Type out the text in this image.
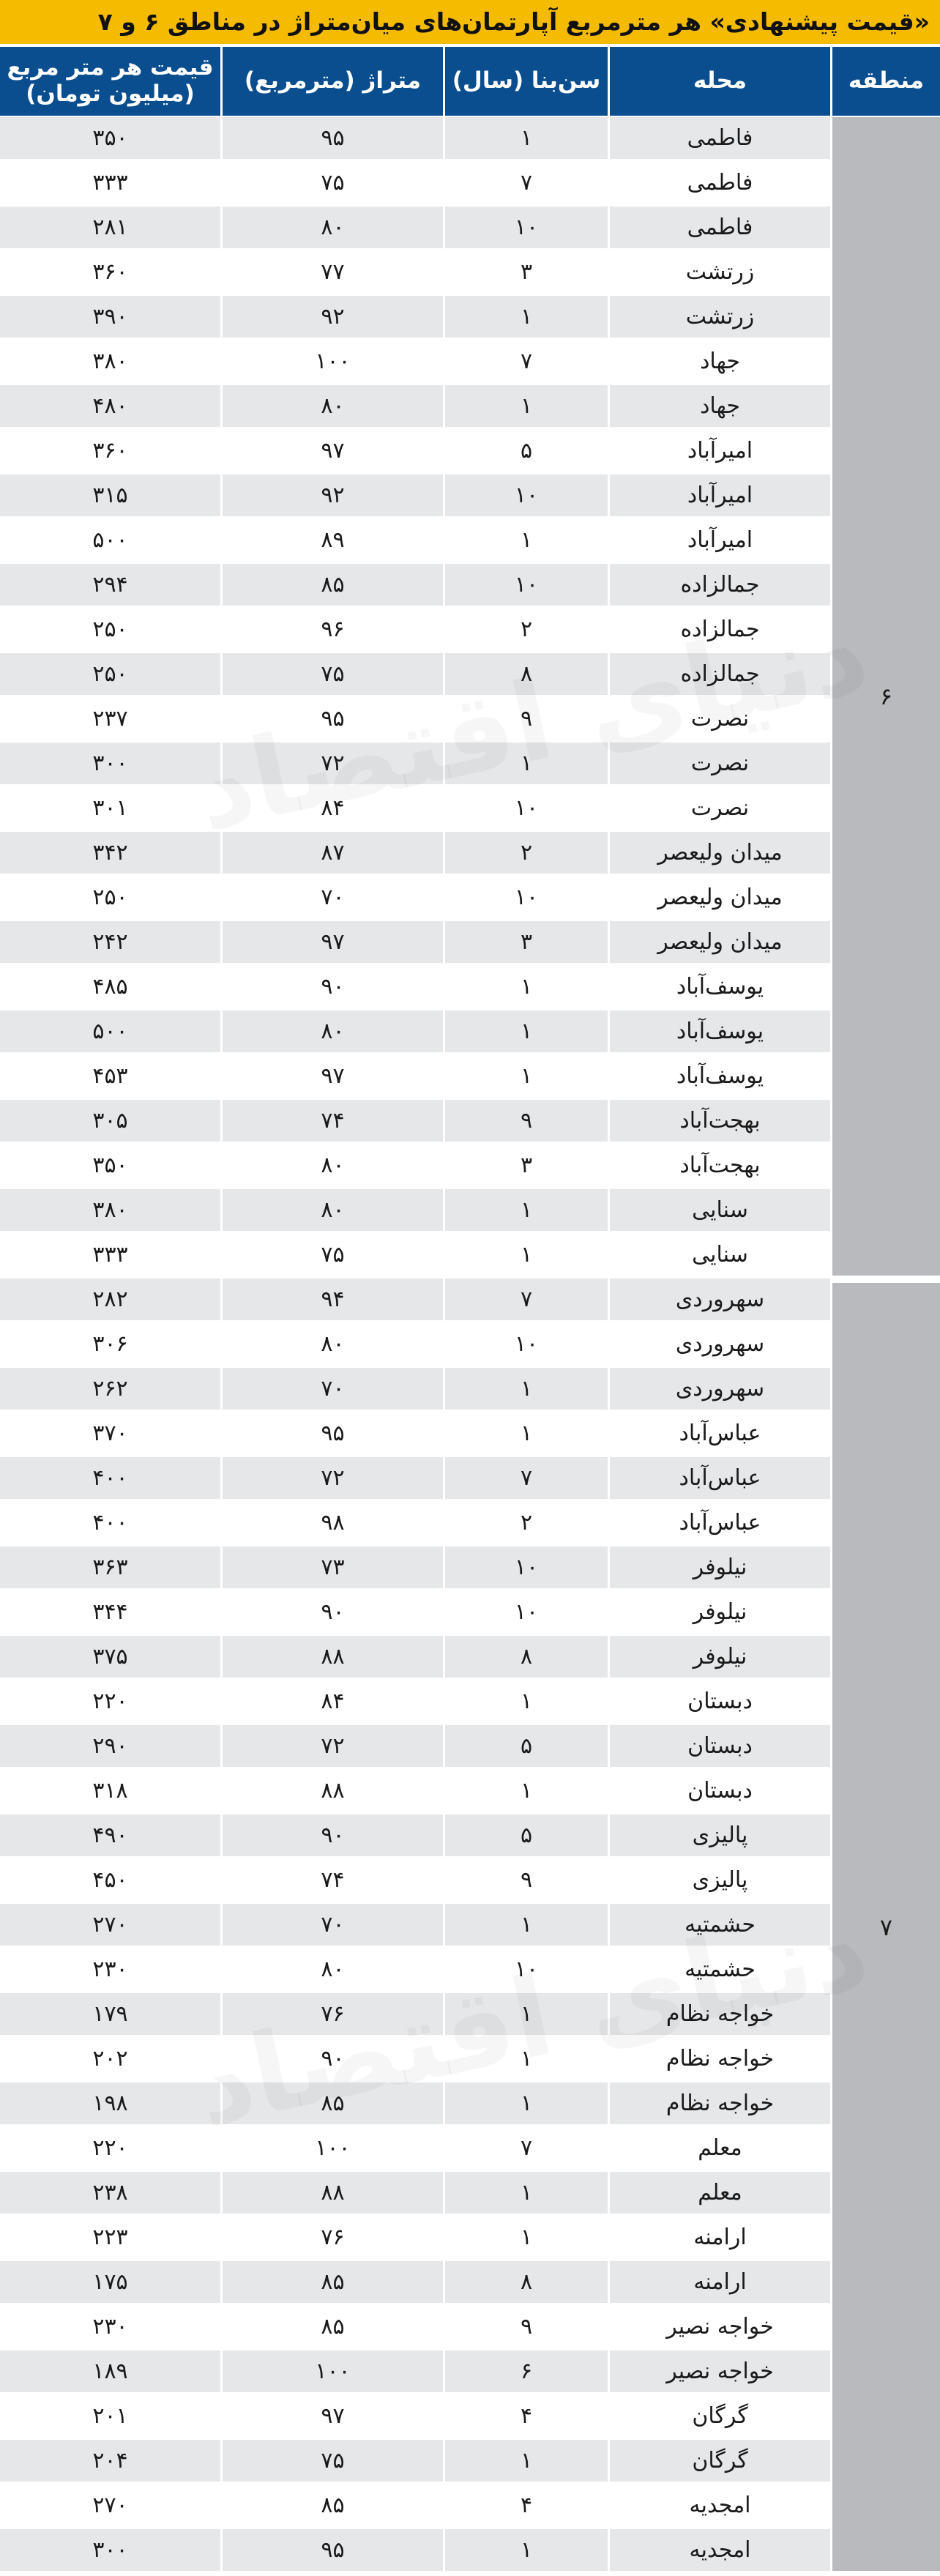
«قیمت پیشنهادی» هر مترمربع آپارتمان‌های میان‌متراژ در مناطق ۶ و ۷
منطقه
محله
سن‌بنا (سال)
متراژ (مترمربع)
قیمت هر متر مربع
(میلیون تومان)
فاطمی
۱
۹۵
۳۵۰
فاطمی
۷
۷۵
۳۳۳
فاطمی
۱۰
۸۰
۲۸۱
زرتشت
۳
۷۷
۳۶۰
زرتشت
۱
۹۲
۳۹۰
جهاد
۷
۱۰۰
۳۸۰
جهاد
۱
۸۰
۴۸۰
امیرآباد
۵
۹۷
۳۶۰
امیرآباد
۱۰
۹۲
۳۱۵
امیرآباد
۱
۸۹
۵۰۰
جمالزاده
۱۰
۸۵
۲۹۴
جمالزاده
۲
۹۶
۲۵۰
جمالزاده
۸
۷۵
۲۵۰
نصرت
۹
۹۵
۲۳۷
نصرت
۱
۷۲
۳۰۰
نصرت
۱۰
۸۴
۳۰۱
میدان ولیعصر
۲
۸۷
۳۴۲
میدان ولیعصر
۱۰
۷۰
۲۵۰
میدان ولیعصر
۳
۹۷
۲۴۲
یوسف‌آباد
۱
۹۰
۴۸۵
یوسف‌آباد
۱
۸۰
۵۰۰
یوسف‌آباد
۱
۹۷
۴۵۳
بهجت‌آباد
۹
۷۴
۳۰۵
بهجت‌آباد
۳
۸۰
۳۵۰
سنایی
۱
۸۰
۳۸۰
سنایی
۱
۷۵
۳۳۳
سهروردی
۷
۹۴
۲۸۲
سهروردی
۱۰
۸۰
۳۰۶
سهروردی
۱
۷۰
۲۶۲
عباس‌آباد
۱
۹۵
۳۷۰
عباس‌آباد
۷
۷۲
۴۰۰
عباس‌آباد
۲
۹۸
۴۰۰
نیلوفر
۱۰
۷۳
۳۶۳
نیلوفر
۱۰
۹۰
۳۴۴
نیلوفر
۸
۸۸
۳۷۵
دبستان
۱
۸۴
۲۲۰
دبستان
۵
۷۲
۲۹۰
دبستان
۱
۸۸
۳۱۸
پالیزی
۵
۹۰
۴۹۰
پالیزی
۹
۷۴
۴۵۰
حشمتیه
۱
۷۰
۲۷۰
حشمتیه
۱۰
۸۰
۲۳۰
خواجه نظام
۱
۷۶
۱۷۹
خواجه نظام
۱
۹۰
۲۰۲
خواجه نظام
۱
۸۵
۱۹۸
معلم
۷
۱۰۰
۲۲۰
معلم
۱
۸۸
۲۳۸
ارامنه
۱
۷۶
۲۲۳
ارامنه
۸
۸۵
۱۷۵
خواجه نصیر
۹
۸۵
۲۳۰
خواجه نصیر
۶
۱۰۰
۱۸۹
گرگان
۴
۹۷
۲۰۱
گرگان
۱
۷۵
۲۰۴
امجدیه
۴
۸۵
۲۷۰
امجدیه
۱
۹۵
۳۰۰
۶
۷
